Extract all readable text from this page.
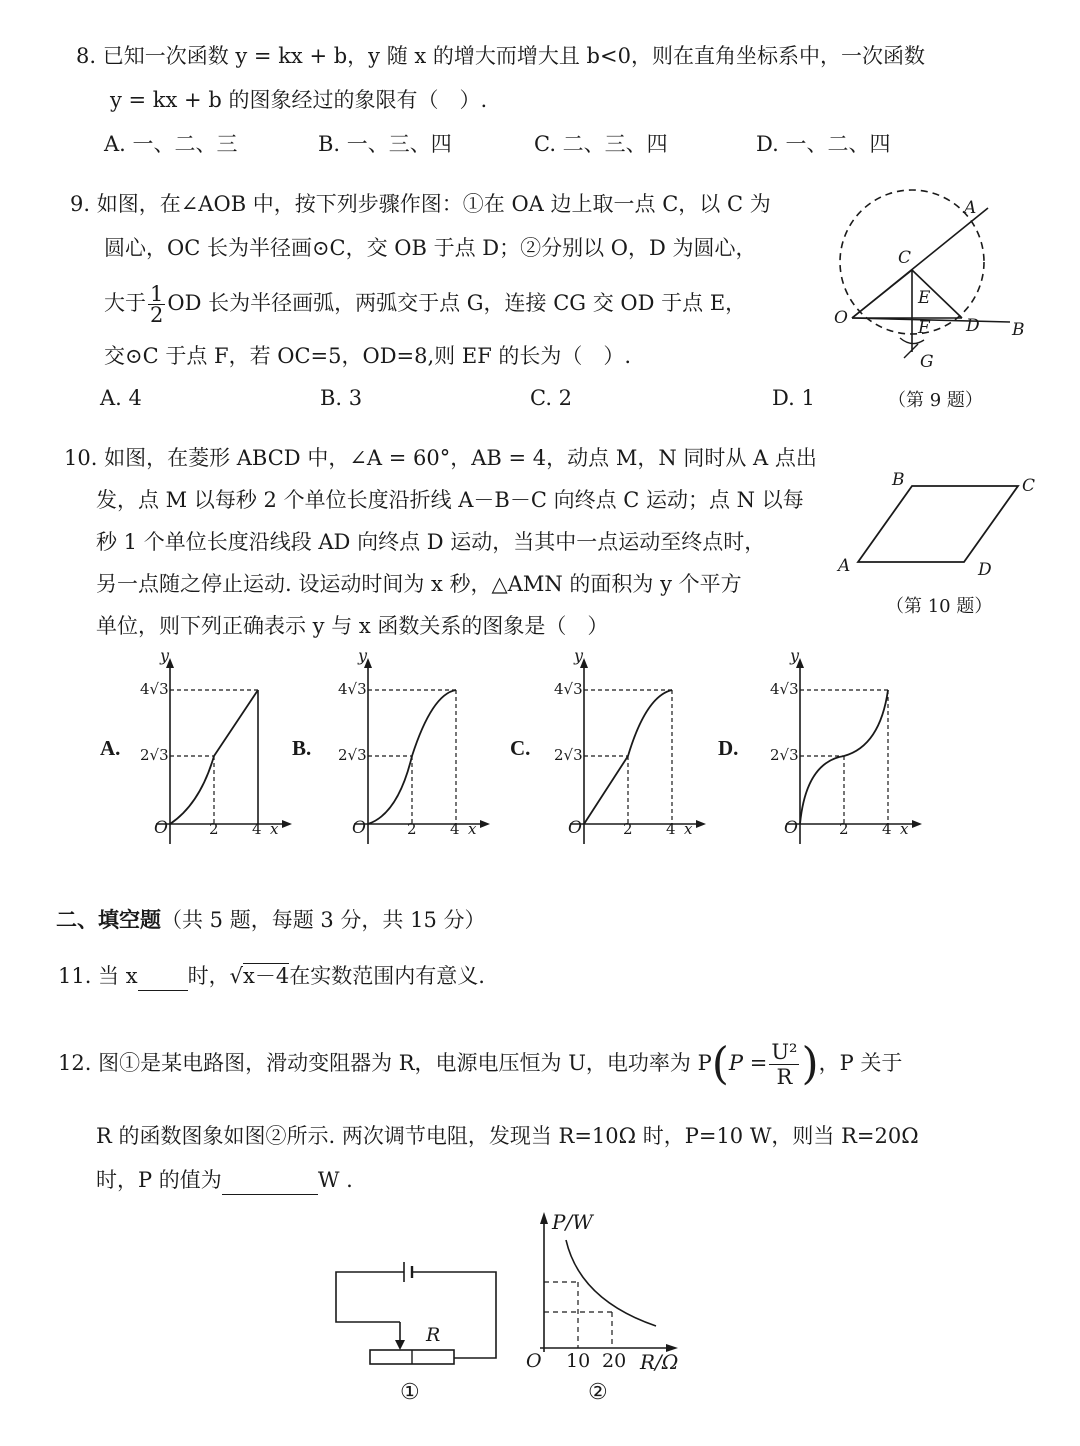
8. 已知一次函数 y = kx + b，y 随 x 的增大而增大且 b<0，则在直角坐标系中，一次函数
y = kx + b 的图象经过的象限有（　）.
A. 一、二、三	B. 一、三、四	C. 二、三、四	D. 一、二、四
9. 如图，在∠AOB 中，按下列步骤作图：①在 OA 边上取一点 C，以 C 为
圆心，OC 长为半径画⊙C，交 OB 于点 D；②分别以 O，D 为圆心，
大于 $\frac{1}{2}$ OD 长为半径画弧，两弧交于点 G，连接 CG 交 OD 于点 E，
交⊙C 于点 F，若 OC=5，OD=8,则 EF 的长为（　）.
A. 4	B. 3	C. 2	D. 1	（第 9 题）
A
C
E
O	F D B
G
10. 如图，在菱形 ABCD 中，∠A = 60°，AB = 4，动点 M，N 同时从 A 点出
发，点 M 以每秒 2 个单位长度沿折线 A－B－C 向终点 C 运动；点 N 以每
秒 1 个单位长度沿线段 AD 向终点 D 运动，当其中一点运动至终点时，
另一点随之停止运动. 设运动时间为 x 秒，△AMN 的面积为 y 个平方
单位，则下列正确表示 y 与 x 函数关系的图象是（　）
B	C
A	D
（第 10 题）
A.
y
4√3
2√3
O	2 4 x
B.
y
4√3
2√3
O	2 4 x
C.
y
4√3
2√3
O	2 4 x
D.
y
4√3
2√3
O	2 4 x
二、填空题（共 5 题，每题 3 分，共 15 分）
11. 当 x 时，√x－4在实数范围内有意义.
12. 图①是某电路图，滑动变阻器为 R，电源电压恒为 U，电功率为 $P(P = \frac{\text{U²}}{R}$ )，P 关于
R 的函数图象如图②所示. 两次调节电阻，发现当 R=10Ω 时，P=10 W，则当 R=20Ω
时，P 的值为	W .
R
①
P/W
O 10 20 R/Ω
②
